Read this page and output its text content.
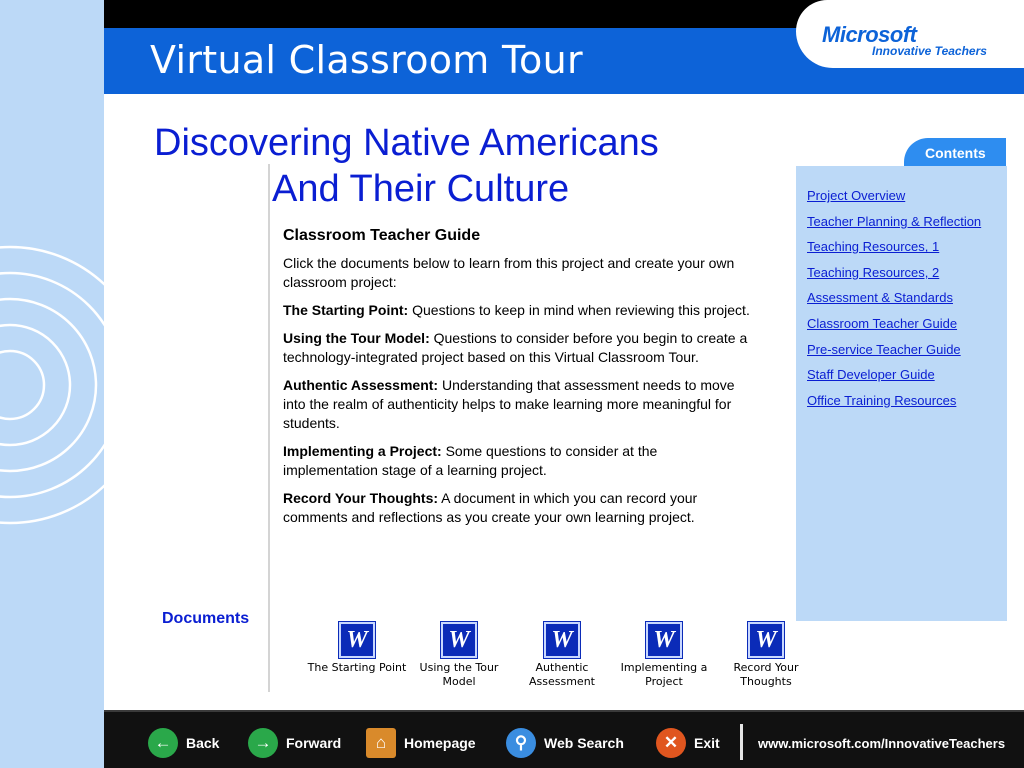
Virtual Classroom Tour
Microsoft
Innovative Teachers
Discovering Native Americans
And Their Culture
Classroom Teacher Guide

Click the documents below to learn from this project and create your own classroom project:

The Starting Point: Questions to keep in mind when reviewing this project.

Using the Tour Model: Questions to consider before you begin to create a technology-integrated project based on this Virtual Classroom Tour.

Authentic Assessment: Understanding that assessment needs to move into the realm of authenticity helps to make learning more meaningful for students.

Implementing a Project: Some questions to consider at the implementation stage of a learning project.

Record Your Thoughts: A document in which you can record your comments and reflections as you create your own learning project.

Documents
W
The Starting Point
W
Using the Tour
Model
W
Authentic
Assessment
W
Implementing a
Project
W
Record Your
Thoughts
Contents
Project Overview
Teacher Planning & Reflection
Teaching Resources, 1
Teaching Resources, 2
Assessment & Standards
Classroom Teacher Guide
Pre-service Teacher Guide
Staff Developer Guide
Office Training Resources
←	Back	→	Forward	⌂	Homepage	⚲	Web Search	✕	Exit	www.microsoft.com/InnovativeTeachers
